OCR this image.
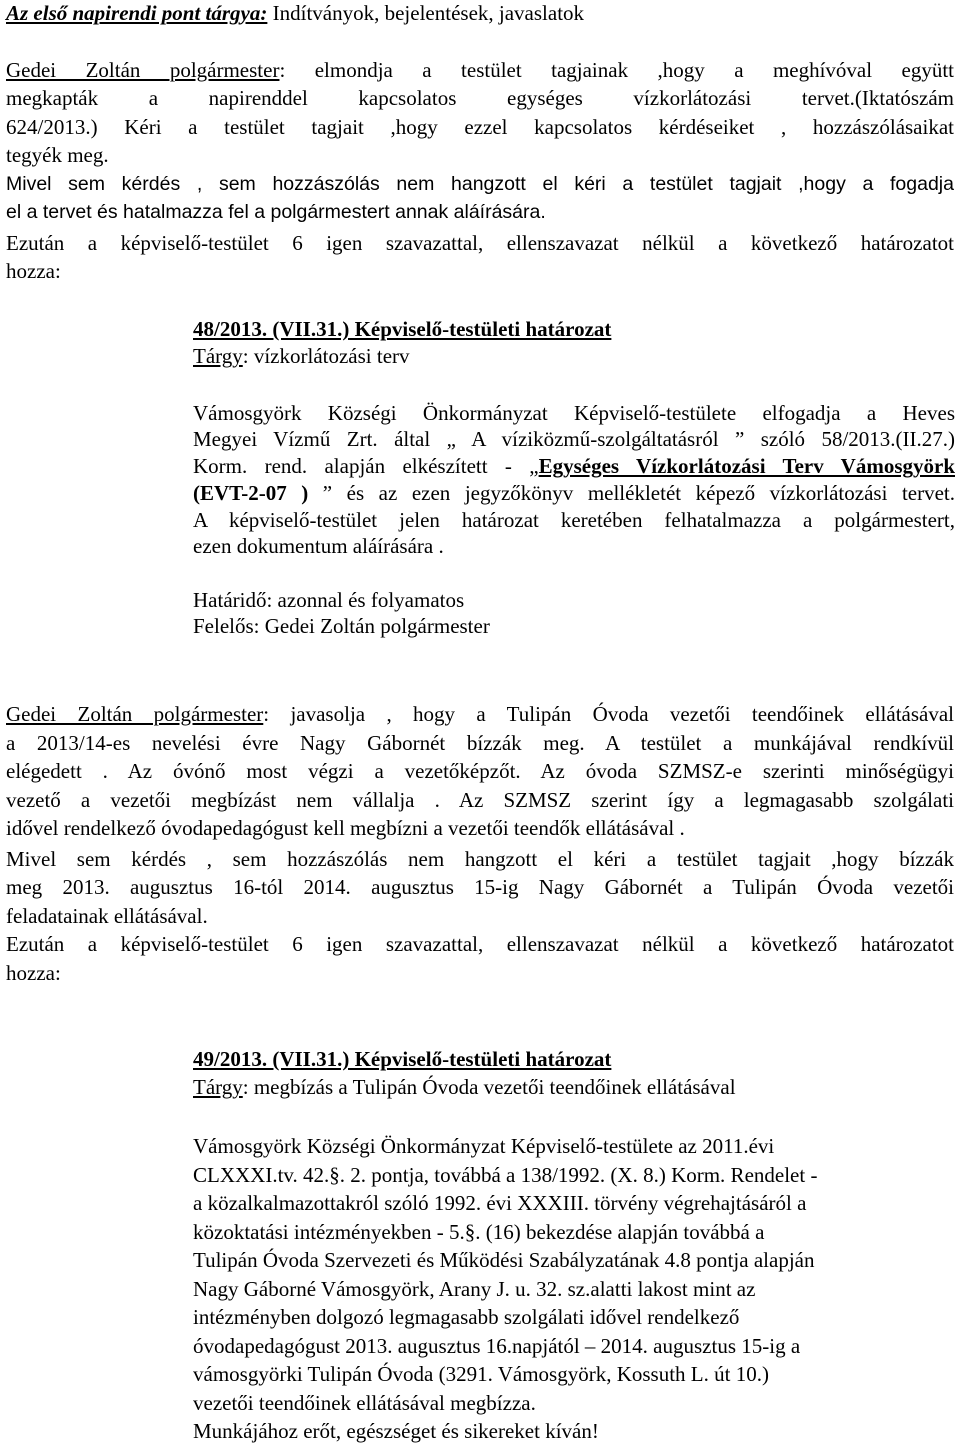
Az első napirendi pont tárgya: Indítványok, bejelentések, javaslatok
Gedei Zoltán polgármester: elmondja a testület tagjainak ,hogy a meghívóval együtt
megkapták a napirenddel kapcsolatos egységes vízkorlátozási tervet.(Iktatószám
624/2013.) Kéri a testület tagjait ,hogy ezzel kapcsolatos kérdéseiket , hozzászólásaikat
tegyék meg.
Mivel sem kérdés , sem hozzászólás nem hangzott el kéri a testület tagjait ,hogy a fogadja
el a tervet és hatalmazza fel a polgármestert annak aláírására.
Ezután a képviselő-testület 6 igen szavazattal, ellenszavazat nélkül a következő határozatot
hozza:
48/2013. (VII.31.) Képviselő-testületi határozat
Tárgy: vízkorlátozási terv
Vámosgyörk Községi Önkormányzat Képviselő-testülete elfogadja a Heves
Megyei Vízmű Zrt. által „ A víziközmű-szolgáltatásról ” szóló 58/2013.(II.27.)
Korm. rend. alapján elkészített - „Egységes Vízkorlátozási Terv Vámosgyörk
(EVT-2-07 ) ” és az ezen jegyzőkönyv mellékletét képező vízkorlátozási tervet.
A képviselő-testület jelen határozat keretében felhatalmazza a polgármestert,
ezen dokumentum aláírására .
Határidő: azonnal és folyamatos
Felelős: Gedei Zoltán polgármester
Gedei Zoltán polgármester: javasolja , hogy a Tulipán Óvoda vezetői teendőinek ellátásával
a 2013/14-es nevelési évre Nagy Gábornét bízzák meg. A testület a munkájával rendkívül
elégedett . Az óvónő most végzi a vezetőképzőt. Az óvoda SZMSZ-e szerinti minőségügyi
vezető a vezetői megbízást nem vállalja . Az SZMSZ szerint így a legmagasabb szolgálati
idővel rendelkező óvodapedagógust kell megbízni a vezetői teendők ellátásával .
Mivel sem kérdés , sem hozzászólás nem hangzott el kéri a testület tagjait ,hogy bízzák
meg 2013. augusztus 16-tól 2014. augusztus 15-ig Nagy Gábornét a Tulipán Óvoda vezetői
feladatainak ellátásával.
Ezután a képviselő-testület 6 igen szavazattal, ellenszavazat nélkül a következő határozatot
hozza:
49/2013. (VII.31.) Képviselő-testületi határozat
Tárgy: megbízás a Tulipán Óvoda vezetői teendőinek ellátásával
Vámosgyörk Községi Önkormányzat Képviselő-testülete az 2011.évi
CLXXXI.tv. 42.§. 2. pontja, továbbá a 138/1992. (X. 8.) Korm. Rendelet -
a közalkalmazottakról szóló 1992. évi XXXIII. törvény végrehajtásáról a
közoktatási intézményekben - 5.§. (16) bekezdése alapján továbbá a
Tulipán Óvoda Szervezeti és Működési Szabályzatának 4.8 pontja alapján
Nagy Gáborné Vámosgyörk, Arany J. u. 32. sz.alatti lakost mint az
intézményben dolgozó legmagasabb szolgálati idővel rendelkező
óvodapedagógust 2013. augusztus 16.napjától – 2014. augusztus 15-ig a
vámosgyörki Tulipán Óvoda (3291. Vámosgyörk, Kossuth L. út 10.)
vezetői teendőinek ellátásával megbízza.
Munkájához erőt, egészséget és sikereket kíván!
